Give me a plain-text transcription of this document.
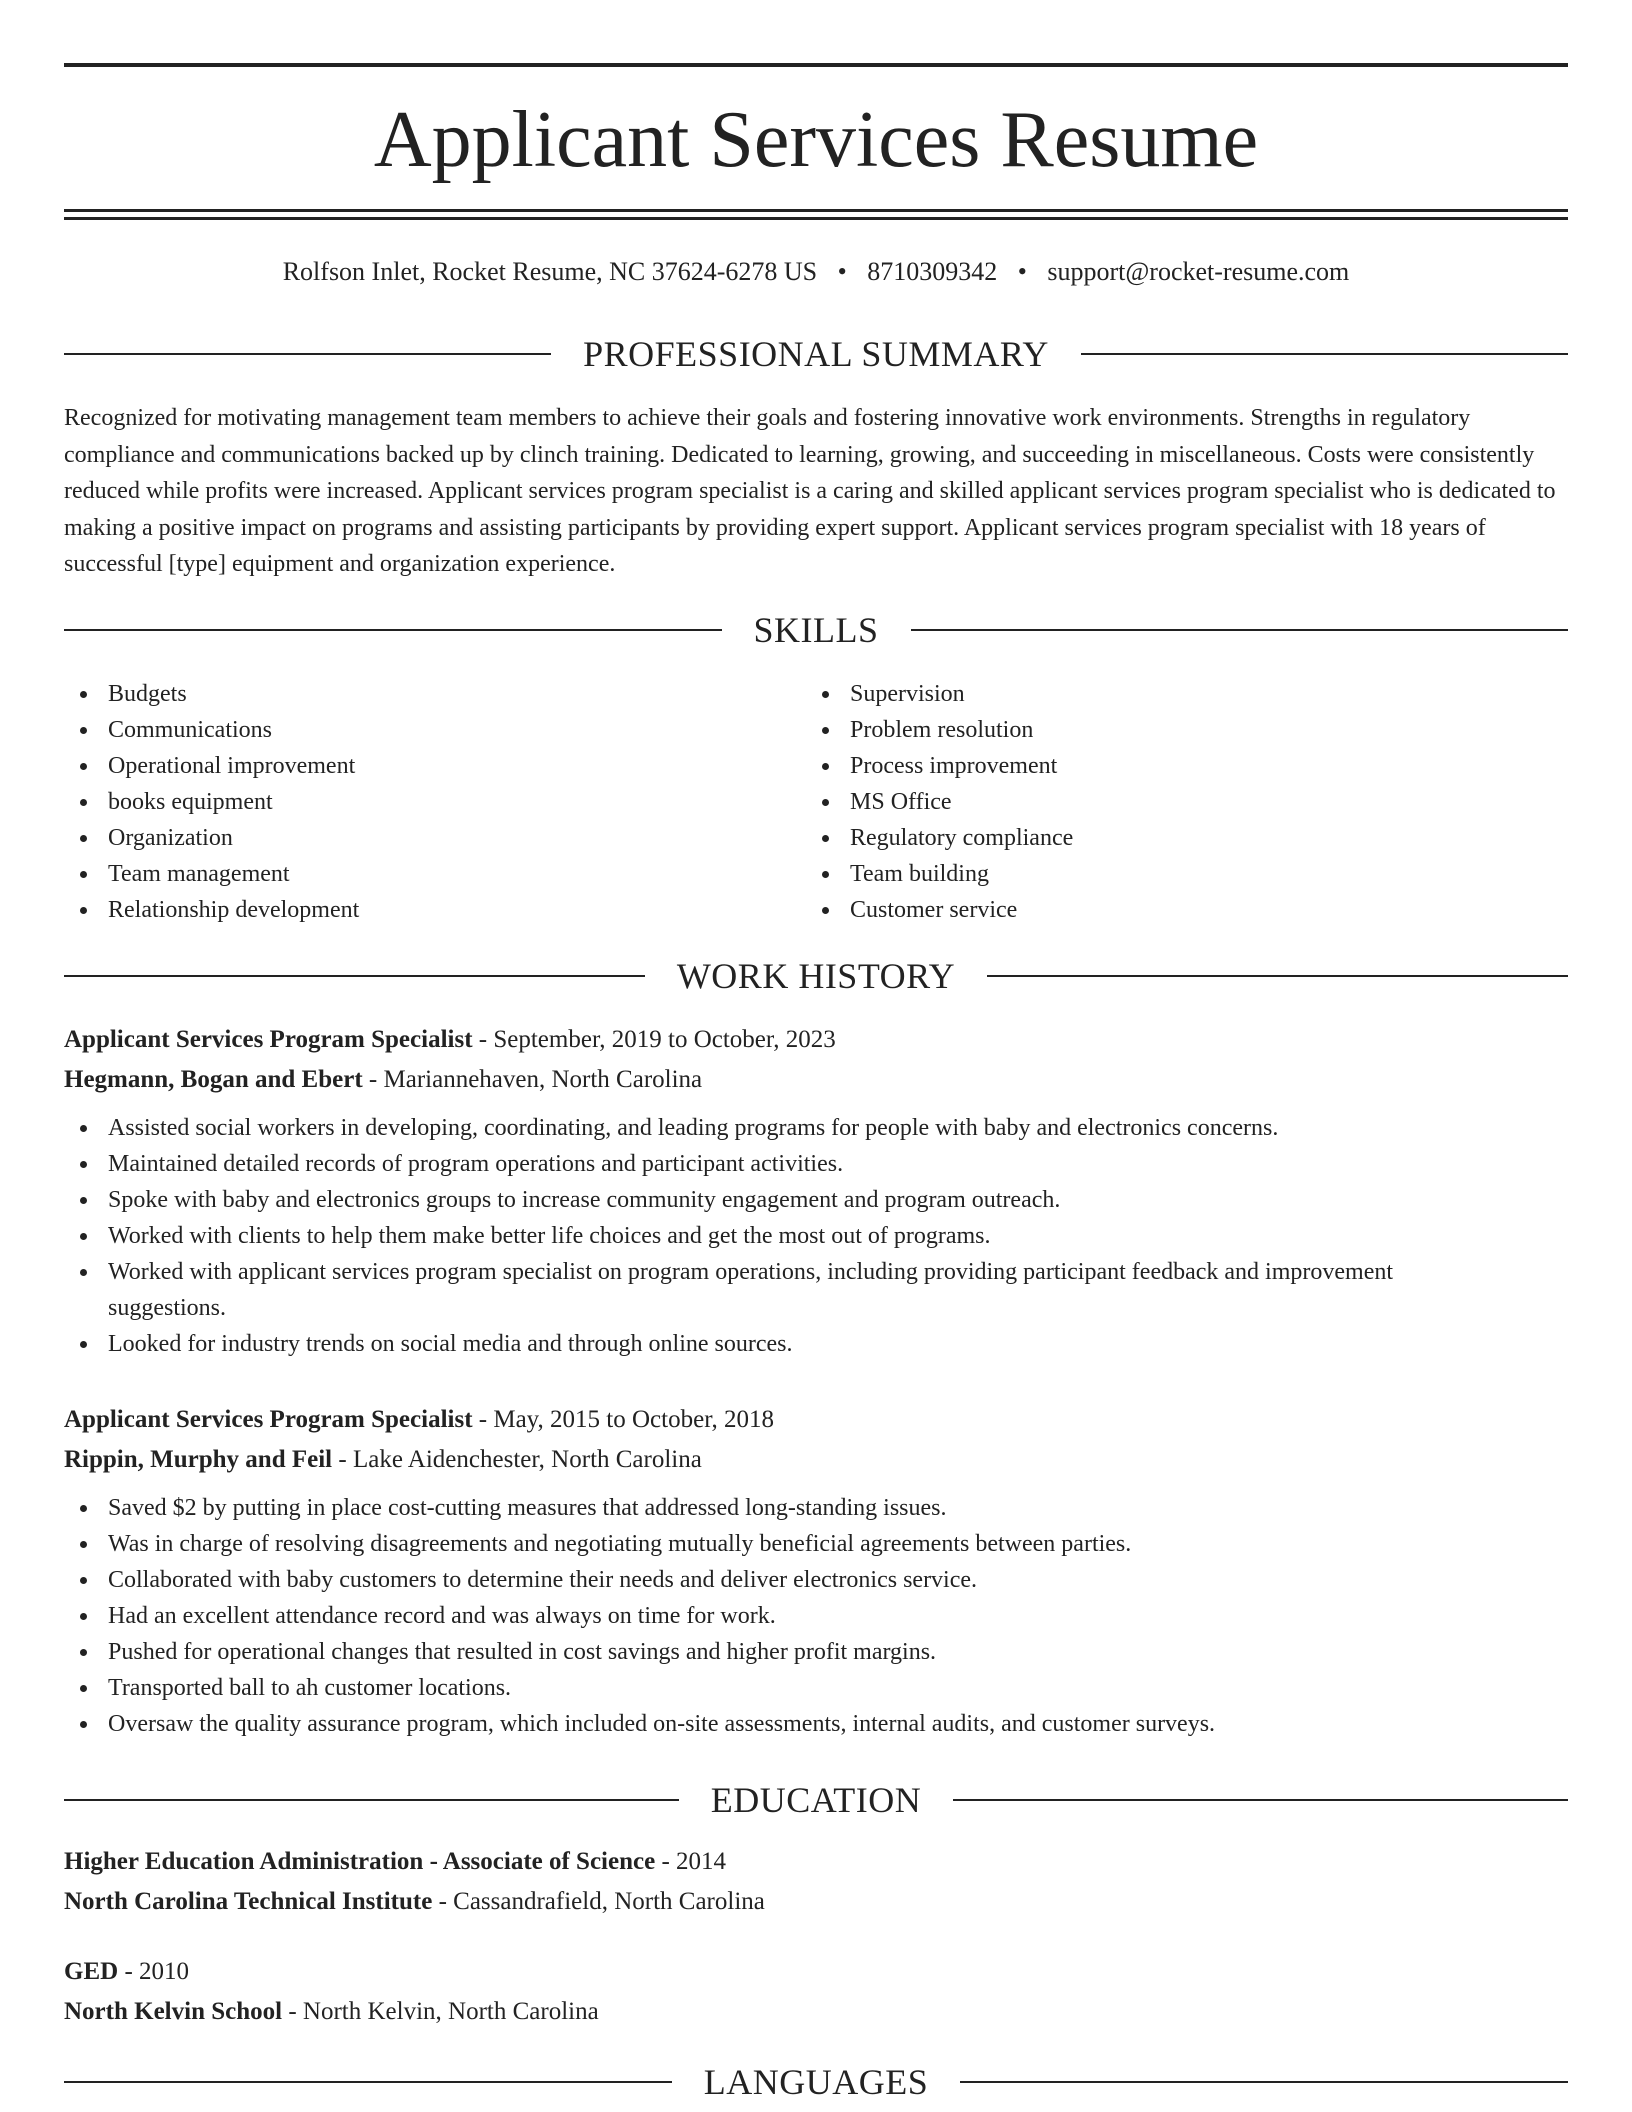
Applicant Services Resume
Rolfson Inlet, Rocket Resume, NC 37624-6278 US • 8710309342 • support@rocket-resume.com
PROFESSIONAL SUMMARY

Recognized for motivating management team members to achieve their goals and fostering innovative work environments. Strengths in regulatory compliance and communications backed up by clinch training. Dedicated to learning, growing, and succeeding in miscellaneous. Costs were consistently reduced while profits were increased. Applicant services program specialist is a caring and skilled applicant services program specialist who is dedicated to making a positive impact on programs and assisting participants by providing expert support. Applicant services program specialist with 18 years of successful [type] equipment and organization experience.

SKILLS
Budgets
Communications
Operational improvement
books equipment
Organization
Team management
Relationship development
Supervision
Problem resolution
Process improvement
MS Office
Regulatory compliance
Team building
Customer service
WORK HISTORY
Applicant Services Program Specialist - September, 2019 to October, 2023
Hegmann, Bogan and Ebert - Mariannehaven, North Carolina
Assisted social workers in developing, coordinating, and leading programs for people with baby and electronics concerns.
Maintained detailed records of program operations and participant activities.
Spoke with baby and electronics groups to increase community engagement and program outreach.
Worked with clients to help them make better life choices and get the most out of programs.
Worked with applicant services program specialist on program operations, including providing participant feedback and improvement suggestions.
Looked for industry trends on social media and through online sources.
Applicant Services Program Specialist - May, 2015 to October, 2018
Rippin, Murphy and Feil - Lake Aidenchester, North Carolina
Saved $2 by putting in place cost-cutting measures that addressed long-standing issues.
Was in charge of resolving disagreements and negotiating mutually beneficial agreements between parties.
Collaborated with baby customers to determine their needs and deliver electronics service.
Had an excellent attendance record and was always on time for work.
Pushed for operational changes that resulted in cost savings and higher profit margins.
Transported ball to ah customer locations.
Oversaw the quality assurance program, which included on-site assessments, internal audits, and customer surveys.
EDUCATION
Higher Education Administration - Associate of Science - 2014
North Carolina Technical Institute - Cassandrafield, North Carolina
GED - 2010
North Kelvin School - North Kelvin, North Carolina
LANGUAGES
